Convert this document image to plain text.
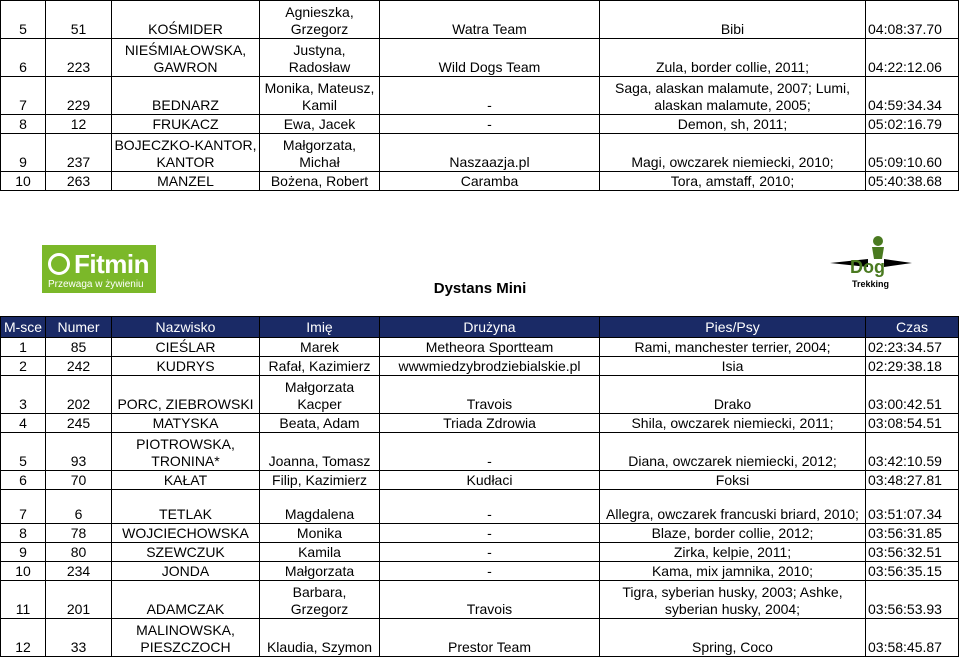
5	51	KOŚMIDER	Agnieszka, Grzegorz	Watra Team	Bibi	04:08:37.70
6	223	NIEŚMIAŁOWSKA, GAWRON	Justyna, Radosław	Wild Dogs Team	Zula, border collie, 2011;	04:22:12.06
7	229	BEDNARZ	Monika, Mateusz, Kamil	-	Saga, alaskan malamute, 2007; Lumi, alaskan malamute, 2005;	04:59:34.34
8	12	FRUKACZ	Ewa, Jacek	-	Demon, sh, 2011;	05:02:16.79
9	237	BOJECZKO-KANTOR, KANTOR	Małgorzata, Michał	Naszaazja.pl	Magi, owczarek niemiecki, 2010;	05:09:10.60
10	263	MANZEL	Bożena, Robert	Caramba	Tora, amstaff, 2010;	05:40:38.68
Fitmin
Przewaga w żywieniu
Dog
Trekking
Dystans Mini
M-sce	Numer	Nazwisko	Imię	Drużyna	Pies/Psy	Czas
1	85	CIEŚLAR	Marek	Metheora Sportteam	Rami, manchester terrier, 2004;	02:23:34.57
2	242	KUDRYS	Rafał, Kazimierz	wwwmiedzybrodziebialskie.pl	Isia	02:29:38.18
3	202	PORC, ZIEBROWSKI	Małgorzata Kacper	Travois	Drako	03:00:42.51
4	245	MATYSKA	Beata, Adam	Triada Zdrowia	Shila, owczarek niemiecki, 2011;	03:08:54.51
5	93	PIOTROWSKA, TRONINA*	Joanna, Tomasz	-	Diana, owczarek niemiecki, 2012;	03:42:10.59
6	70	KAŁAT	Filip, Kazimierz	Kudłaci	Foksi	03:48:27.81
7	6	TETLAK	Magdalena	-	Allegra, owczarek francuski briard, 2010;	03:51:07.34
8	78	WOJCIECHOWSKA	Monika	-	Blaze, border collie, 2012;	03:56:31.85
9	80	SZEWCZUK	Kamila	-	Zirka, kelpie, 2011;	03:56:32.51
10	234	JONDA	Małgorzata	-	Kama, mix jamnika, 2010;	03:56:35.15
11	201	ADAMCZAK	Barbara, Grzegorz	Travois	Tigra, syberian husky, 2003; Ashke, syberian husky, 2004;	03:56:53.93
12	33	MALINOWSKA, PIESZCZOCH	Klaudia, Szymon	Prestor Team	Spring, Coco	03:58:45.87
